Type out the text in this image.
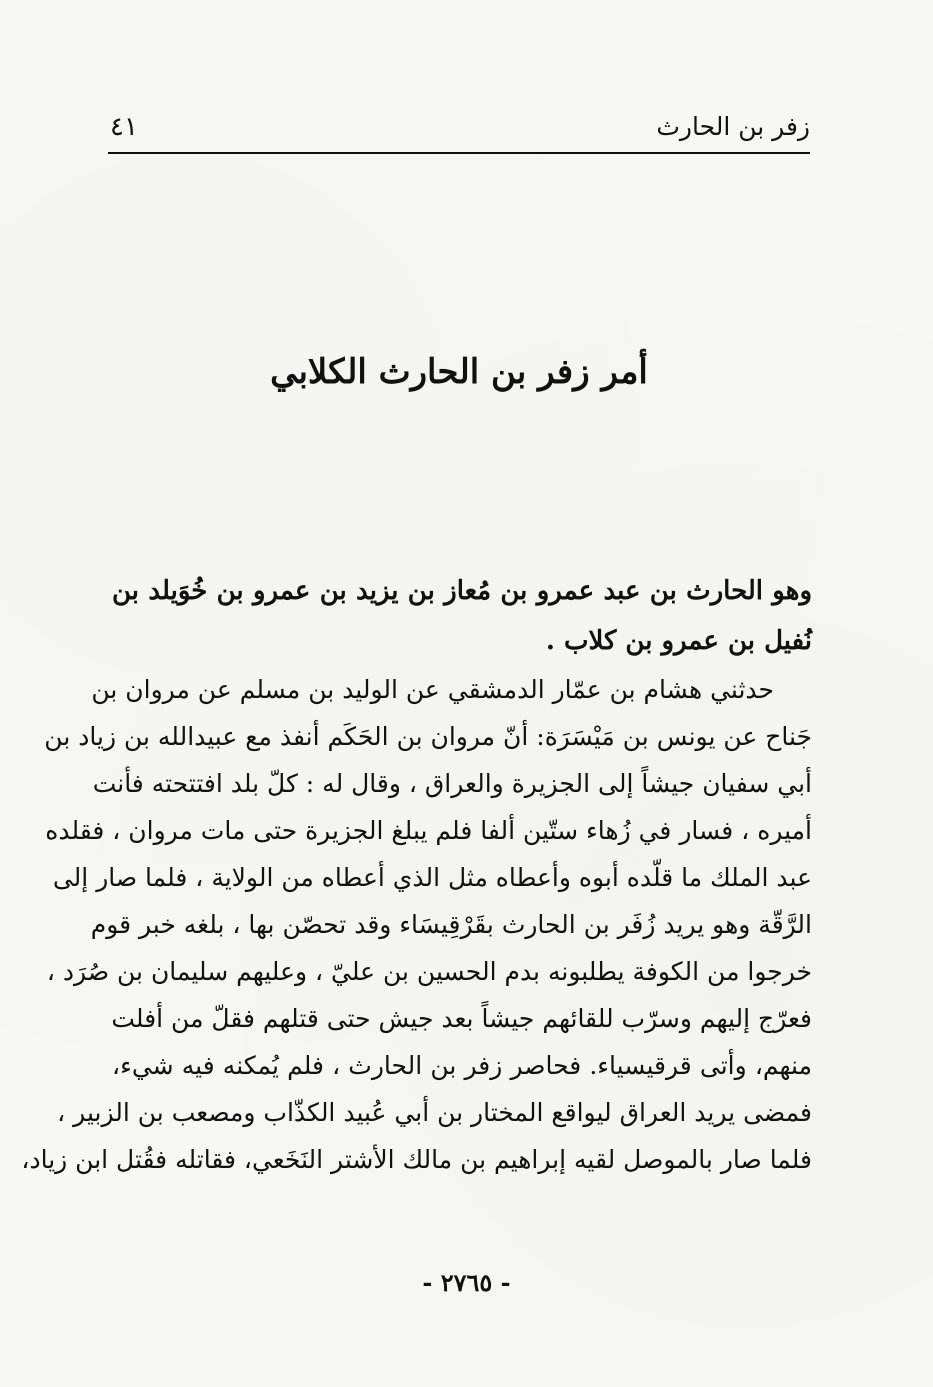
زفر بن الحارث
٤١
أمر زفر بن الحارث الكلابي
وهو الحارث بن عبد عمرو بن مُعاز بن يزيد بن عمرو بن خُوَيلد بن
نُفيل بن عمرو بن كلاب .
حدثني هشام بن عمّار الدمشقي عن الوليد بن مسلم عن مروان بن
جَناح عن يونس بن مَيْسَرَة: أنّ مروان بن الحَكَم أنفذ مع عبيدالله بن زياد بن
أبي سفيان جيشاً إلى الجزيرة والعراق ، وقال له : كلّ بلد افتتحته فأنت
أميره ، فسار في زُهاء ستّين ألفا فلم يبلغ الجزيرة حتى مات مروان ، فقلده
عبد الملك ما قلّده أبوه وأعطاه مثل الذي أعطاه من الولاية ، فلما صار إلى
الرَّقّة وهو يريد زُفَر بن الحارث بقَرْقِيسَاء وقد تحصّن بها ، بلغه خبر قوم
خرجوا من الكوفة يطلبونه بدم الحسين بن عليّ ، وعليهم سليمان بن صُرَد ،
فعرّج إليهم وسرّب للقائهم جيشاً بعد جيش حتى قتلهم فقلّ من أفلت
منهم، وأتى قرقيسياء. فحاصر زفر بن الحارث ، فلم يُمكنه فيه شيء،
فمضى يريد العراق ليواقع المختار بن أبي عُبيد الكذّاب ومصعب بن الزبير ،
فلما صار بالموصل لقيه إبراهيم بن مالك الأشتر النَخَعي، فقاتله فقُتل ابن زياد،
- ٢٧٦٥ -
